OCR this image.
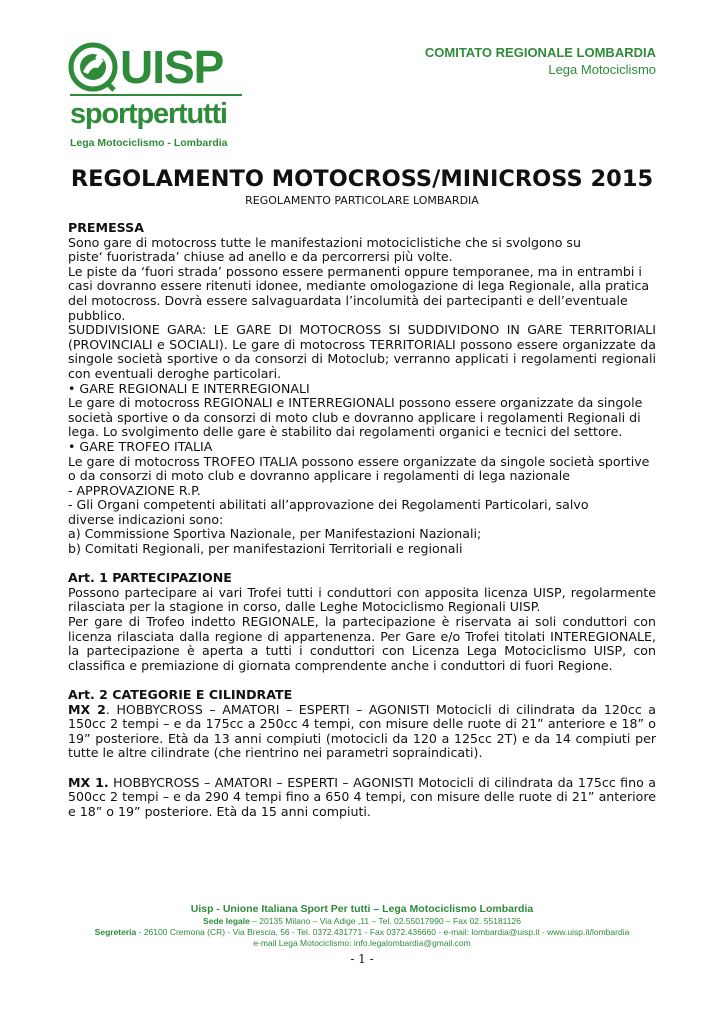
UISP
sportpertutti
Lega Motociclismo - Lombardia
COMITATO REGIONALE LOMBARDIA
Lega Motociclismo
REGOLAMENTO MOTOCROSS/MINICROSS 2015
REGOLAMENTO PARTICOLARE LOMBARDIA

PREMESSA

Sono gare di motocross tutte le manifestazioni motociclistiche che si svolgono su

piste‘ fuoristrada’ chiuse ad anello e da percorrersi più volte.

Le piste da ‘fuori strada’ possono essere permanenti oppure temporanee, ma in entrambi i

casi dovranno essere ritenuti idonee, mediante omologazione di lega Regionale, alla pratica

del motocross. Dovrà essere salvaguardata l’incolumità dei partecipanti e dell’eventuale

pubblico.

SUDDIVISIONE GARA: LE GARE DI MOTOCROSS SI SUDDIVIDONO IN GARE TERRITORIALI (PROVINCIALI e SOCIALI). Le gare di motocross TERRITORIALI possono essere organizzate da singole società sportive o da consorzi di Motoclub; verranno applicati i regolamenti regionali con eventuali deroghe particolari.

• GARE REGIONALI E INTERREGIONALI

Le gare di motocross REGIONALI e INTERREGIONALI possono essere organizzate da singole

società sportive o da consorzi di moto club e dovranno applicare i regolamenti Regionali di

lega. Lo svolgimento delle gare è stabilito dai regolamenti organici e tecnici del settore.

• GARE TROFEO ITALIA

Le gare di motocross TROFEO ITALIA possono essere organizzate da singole società sportive

o da consorzi di moto club e dovranno applicare i regolamenti di lega nazionale

- APPROVAZIONE R.P.

- Gli Organi competenti abilitati all’approvazione dei Regolamenti Particolari, salvo

diverse indicazioni sono:

a) Commissione Sportiva Nazionale, per Manifestazioni Nazionali;

b) Comitati Regionali, per manifestazioni Territoriali e regionali

Art. 1 PARTECIPAZIONE

Possono partecipare ai vari Trofei tutti i conduttori con apposita licenza UISP, regolarmente rilasciata per la stagione in corso, dalle Leghe Motociclismo Regionali UISP.

Per gare di Trofeo indetto REGIONALE, la partecipazione è riservata ai soli conduttori con licenza rilasciata dalla regione di appartenenza. Per Gare e/o Trofei titolati INTEREGIONALE, la partecipazione è aperta a tutti i conduttori con Licenza Lega Motociclismo UISP, con classifica e premiazione di giornata comprendente anche i conduttori di fuori Regione.

Art. 2 CATEGORIE E CILINDRATE

MX 2. HOBBYCROSS – AMATORI – ESPERTI – AGONISTI Motocicli di cilindrata da 120cc a 150cc 2 tempi – e da 175cc a 250cc 4 tempi, con misure delle ruote di 21” anteriore e 18” o 19” posteriore. Età da 13 anni compiuti (motocicli da 120 a 125cc 2T) e da 14 compiuti per tutte le altre cilindrate (che rientrino nei parametri sopraindicati).

MX 1. HOBBYCROSS – AMATORI – ESPERTI – AGONISTI Motocicli di cilindrata da 175cc fino a 500cc 2 tempi – e da 290 4 tempi fino a 650 4 tempi, con misure delle ruote di 21” anteriore e 18” o 19” posteriore. Età da 15 anni compiuti.

Uisp - Unione Italiana Sport Per tutti – Lega Motociclismo Lombardia
Sede legale – 20135 Milano – Via Adige ,11 – Tel. 02.55017990 – Fax 02. 55181126
Segreteria - 26100 Cremona (CR) - Via Brescia, 56 - Tel. 0372.431771 - Fax 0372.436660 - e-mail: lombardia@uisp.it - www.uisp.it/lombardia
e-mail Lega Motociclismo: info.legalombardia@gmail.com
- 1 -
